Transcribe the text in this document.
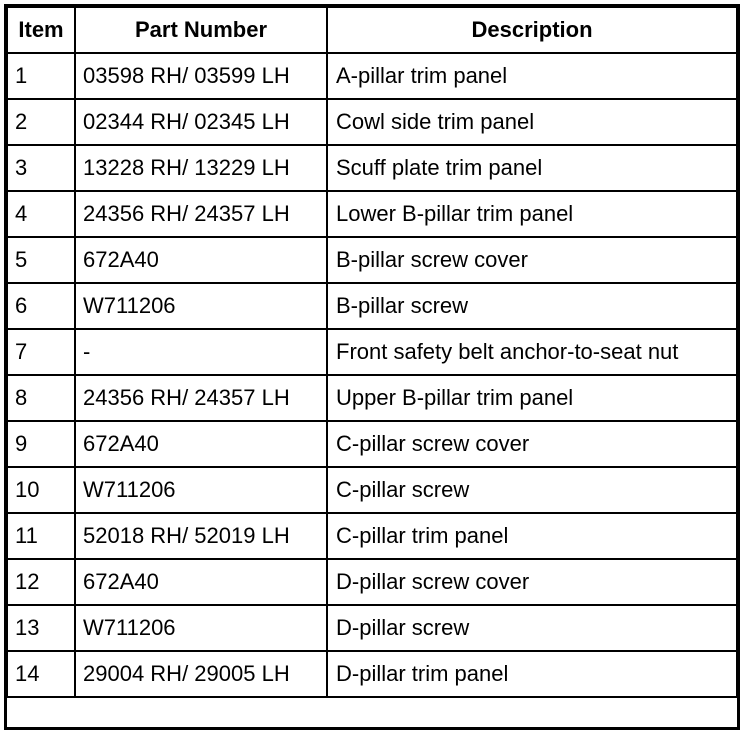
Item	Part Number	Description
1	03598 RH/ 03599 LH	A-pillar trim panel
2	02344 RH/ 02345 LH	Cowl side trim panel
3	13228 RH/ 13229 LH	Scuff plate trim panel
4	24356 RH/ 24357 LH	Lower B-pillar trim panel
5	672A40	B-pillar screw cover
6	W711206	B-pillar screw
7	-	Front safety belt anchor-to-seat nut
8	24356 RH/ 24357 LH	Upper B-pillar trim panel
9	672A40	C-pillar screw cover
10	W711206	C-pillar screw
11	52018 RH/ 52019 LH	C-pillar trim panel
12	672A40	D-pillar screw cover
13	W711206	D-pillar screw
14	29004 RH/ 29005 LH	D-pillar trim panel
